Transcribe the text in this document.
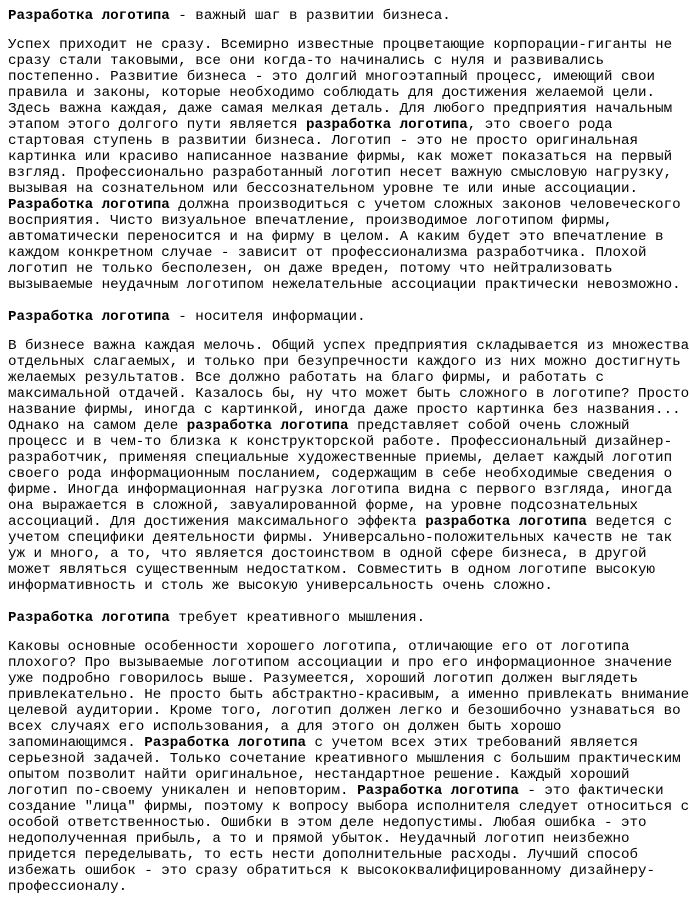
Разработка логотипа - важный шаг в развитии бизнеса.
Успех приходит не сразу. Всемирно известные процветающие корпорации-гиганты не
сразу стали таковыми, все они когда-то начинались с нуля и развивались
постепенно. Развитие бизнеса - это долгий многоэтапный процесс, имеющий свои
правила и законы, которые необходимо соблюдать для достижения желаемой цели.
Здесь важна каждая, даже самая мелкая деталь. Для любого предприятия начальным
этапом этого долгого пути является разработка логотипа, это своего рода
стартовая ступень в развитии бизнеса. Логотип - это не просто оригинальная
картинка или красиво написанное название фирмы, как может показаться на первый
взгляд. Профессионально разработанный логотип несет важную смысловую нагрузку,
вызывая на сознательном или бессознательном уровне те или иные ассоциации.
Разработка логотипа должна производиться с учетом сложных законов человеческого
восприятия. Чисто визуальное впечатление, производимое логотипом фирмы,
автоматически переносится и на фирму в целом. А каким будет это впечатление в
каждом конкретном случае - зависит от профессионализма разработчика. Плохой
логотип не только бесполезен, он даже вреден, потому что нейтрализовать
вызываемые неудачным логотипом нежелательные ассоциации практически невозможно.
Разработка логотипа - носителя информации.
В бизнесе важна каждая мелочь. Общий успех предприятия складывается из множества
отдельных слагаемых, и только при безупречности каждого из них можно достигнуть
желаемых результатов. Все должно работать на благо фирмы, и работать с
максимальной отдачей. Казалось бы, ну что может быть сложного в логотипе? Просто
название фирмы, иногда с картинкой, иногда даже просто картинка без названия...
Однако на самом деле разработка логотипа представляет собой очень сложный
процесс и в чем-то близка к конструкторской работе. Профессиональный дизайнер-
разработчик, применяя специальные художественные приемы, делает каждый логотип
своего рода информационным посланием, содержащим в себе необходимые сведения о
фирме. Иногда информационная нагрузка логотипа видна с первого взгляда, иногда
она выражается в сложной, завуалированной форме, на уровне подсознательных
ассоциаций. Для достижения максимального эффекта разработка логотипа ведется с
учетом специфики деятельности фирмы. Универсально-положительных качеств не так
уж и много, а то, что является достоинством в одной сфере бизнеса, в другой
может являться существенным недостатком. Совместить в одном логотипе высокую
информативность и столь же высокую универсальность очень сложно.
Разработка логотипа требует креативного мышления.
Каковы основные особенности хорошего логотипа, отличающие его от логотипа
плохого? Про вызываемые логотипом ассоциации и про его информационное значение
уже подробно говорилось выше. Разумеется, хороший логотип должен выглядеть
привлекательно. Не просто быть абстрактно-красивым, а именно привлекать внимание
целевой аудитории. Кроме того, логотип должен легко и безошибочно узнаваться во
всех случаях его использования, а для этого он должен быть хорошо
запоминающимся. Разработка логотипа с учетом всех этих требований является
серьезной задачей. Только сочетание креативного мышления с большим практическим
опытом позволит найти оригинальное, нестандартное решение. Каждый хороший
логотип по-своему уникален и неповторим. Разработка логотипа - это фактически
создание "лица" фирмы, поэтому к вопросу выбора исполнителя следует относиться с
особой ответственностью. Ошибки в этом деле недопустимы. Любая ошибка - это
недополученная прибыль, а то и прямой убыток. Неудачный логотип неизбежно
придется переделывать, то есть нести дополнительные расходы. Лучший способ
избежать ошибок - это сразу обратиться к высококвалифицированному дизайнеру-
профессионалу.
